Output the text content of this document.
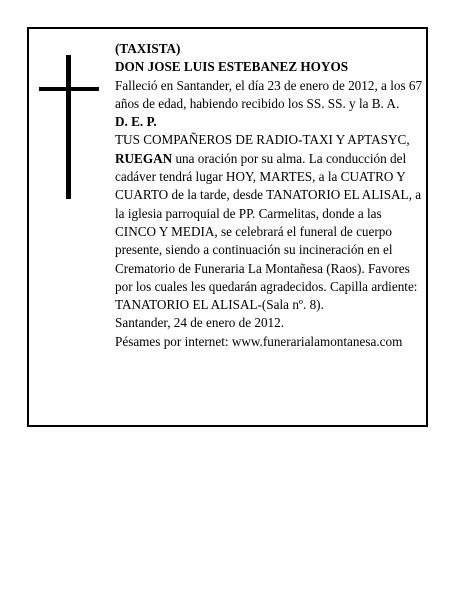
(TAXISTA)

DON JOSE LUIS ESTEBANEZ HOYOS

Falleció en Santander, el día 23 de enero de 2012, a los 67 años de edad, habiendo recibido los SS. SS. y la B. A.

D. E. P.

TUS COMPAÑEROS DE RADIO-TAXI Y APTASYC,

RUEGAN una oración por su alma. La conducción del cadáver tendrá lugar HOY, MARTES, a la CUATRO Y CUARTO de la tarde, desde TANATORIO EL ALISAL, a la iglesia parroquial de PP. Carmelitas, donde a las CINCO Y MEDIA, se celebrará el funeral de cuerpo presente, siendo a continuación su incineración en el Crematorio de Funeraria La Montañesa (Raos). Favores por los cuales les quedarán agradecidos. Capilla ardiente: TANATORIO EL ALISAL-(Sala nº. 8).

Santander, 24 de enero de 2012.

Pésames por internet: www.funerarialamontanesa.com
